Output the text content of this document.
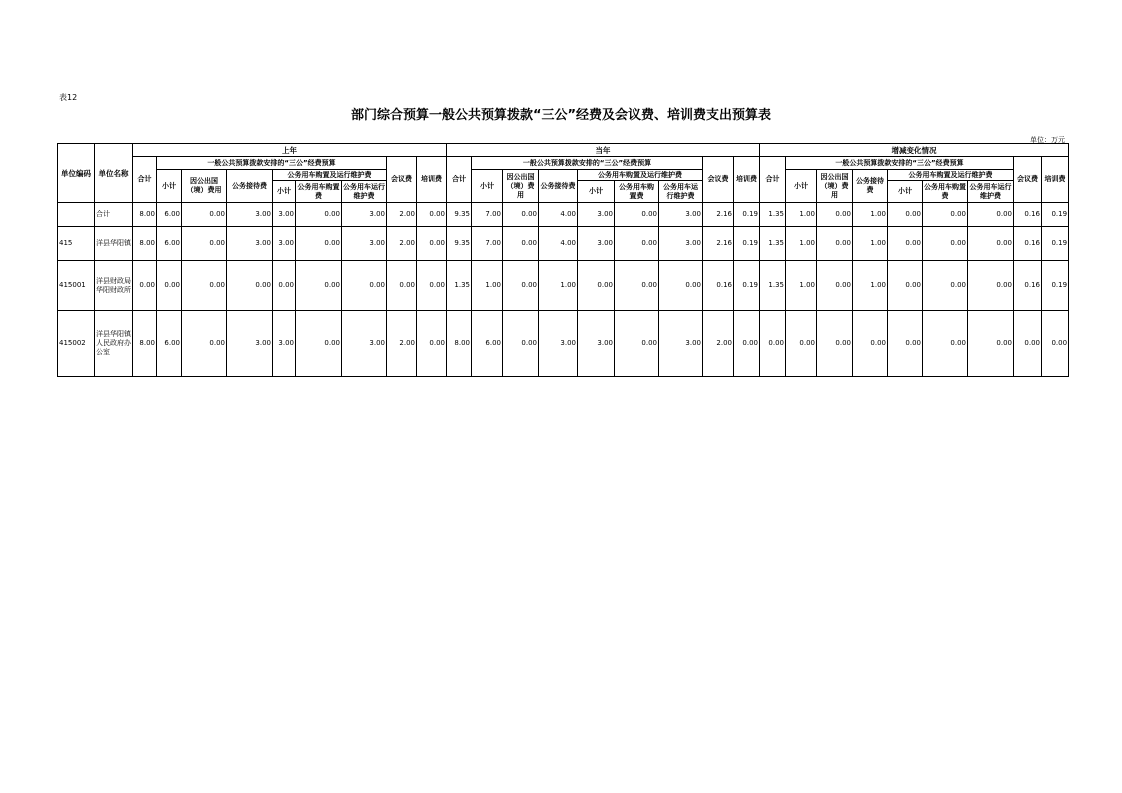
表12
部门综合预算一般公共预算拨款“三公”经费及会议费、培训费支出预算表
单位：万元
单位编码	单位名称	上年									当年									增减变化情况								
		合计	一般公共预算拨款安排的“三公”经费预算						会议费	培训费	合计	一般公共预算拨款安排的“三公”经费预算						会议费	培训费	合计	一般公共预算拨款安排的“三公”经费预算						会议费	培训费
			小计	因公出国（境）费用	公务接待费	公务用车购置及运行维护费						小计	因公出国（境）费用	公务接待费	公务用车购置及运行维护费						小计	因公出国（境）费用	公务接待费	公务用车购置及运行维护费				
						小计	公务用车购置费	公务用车运行维护费							小计	公务用车购置费	公务用车运行维护费							小计	公务用车购置费	公务用车运行维护费		
	合计	8.00	6.00	0.00	3.00	3.00	0.00	3.00	2.00	0.00	9.35	7.00	0.00	4.00	3.00	0.00	3.00	2.16	0.19	1.35	1.00	0.00	1.00	0.00	0.00	0.00	0.16	0.19
415	洋县华阳镇	8.00	6.00	0.00	3.00	3.00	0.00	3.00	2.00	0.00	9.35	7.00	0.00	4.00	3.00	0.00	3.00	2.16	0.19	1.35	1.00	0.00	1.00	0.00	0.00	0.00	0.16	0.19
415001	洋县财政局华阳财政所	0.00	0.00	0.00	0.00	0.00	0.00	0.00	0.00	0.00	1.35	1.00	0.00	1.00	0.00	0.00	0.00	0.16	0.19	1.35	1.00	0.00	1.00	0.00	0.00	0.00	0.16	0.19
415002	洋县华阳镇人民政府办公室	8.00	6.00	0.00	3.00	3.00	0.00	3.00	2.00	0.00	8.00	6.00	0.00	3.00	3.00	0.00	3.00	2.00	0.00	0.00	0.00	0.00	0.00	0.00	0.00	0.00	0.00	0.00
